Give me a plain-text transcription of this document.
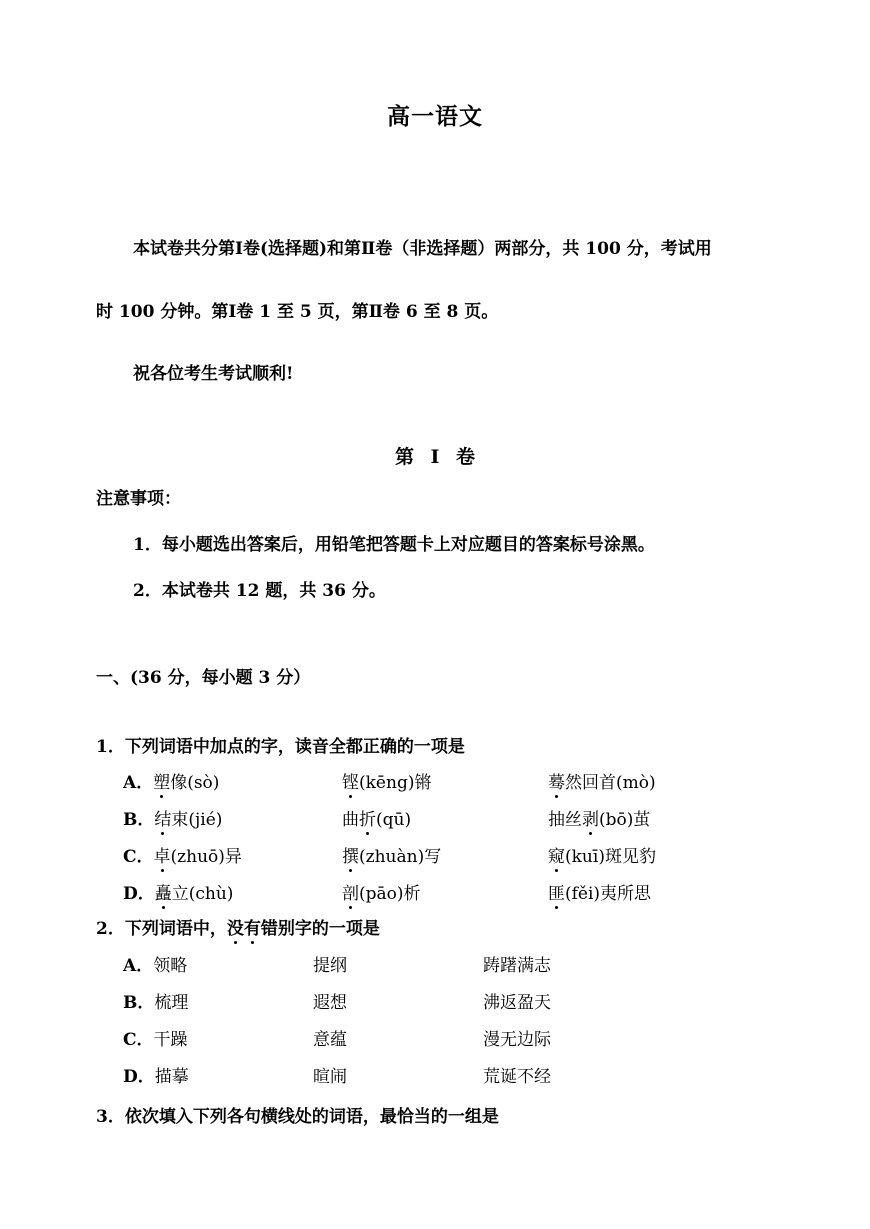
高一语文
本试卷共分第Ⅰ卷(选择题)和第Ⅱ卷（非选择题）两部分，共 100 分，考试用
时 100 分钟。第Ⅰ卷 1 至 5 页，第Ⅱ卷 6 至 8 页。
祝各位考生考试顺利!
第 Ⅰ 卷
注意事项：
1．每小题选出答案后，用铅笔把答题卡上对应题目的答案标号涂黑。
2．本试卷共 12 题，共 36 分。
一、(36 分，每小题 3 分）
1．下列词语中加点的字，读音全都正确的一项是
A．塑像(sò)	铿(kēng)锵	蓦然回首(mò)
B．结束(jié)	曲折(qū)	抽丝剥(bō)茧
C．卓(zhuō)异	撰(zhuàn)写	窥(kuī)斑见豹
D．矗立(chù)	剖(pāo)析	匪(fěi)夷所思
2．下列词语中，没有错别字的一项是
A．领略	提纲	踌躇满志
B．梳理	遐想	沸返盈天
C．干躁	意蕴	漫无边际
D．描摹	暄闹	荒诞不经
3．依次填入下列各句横线处的词语，最恰当的一组是
